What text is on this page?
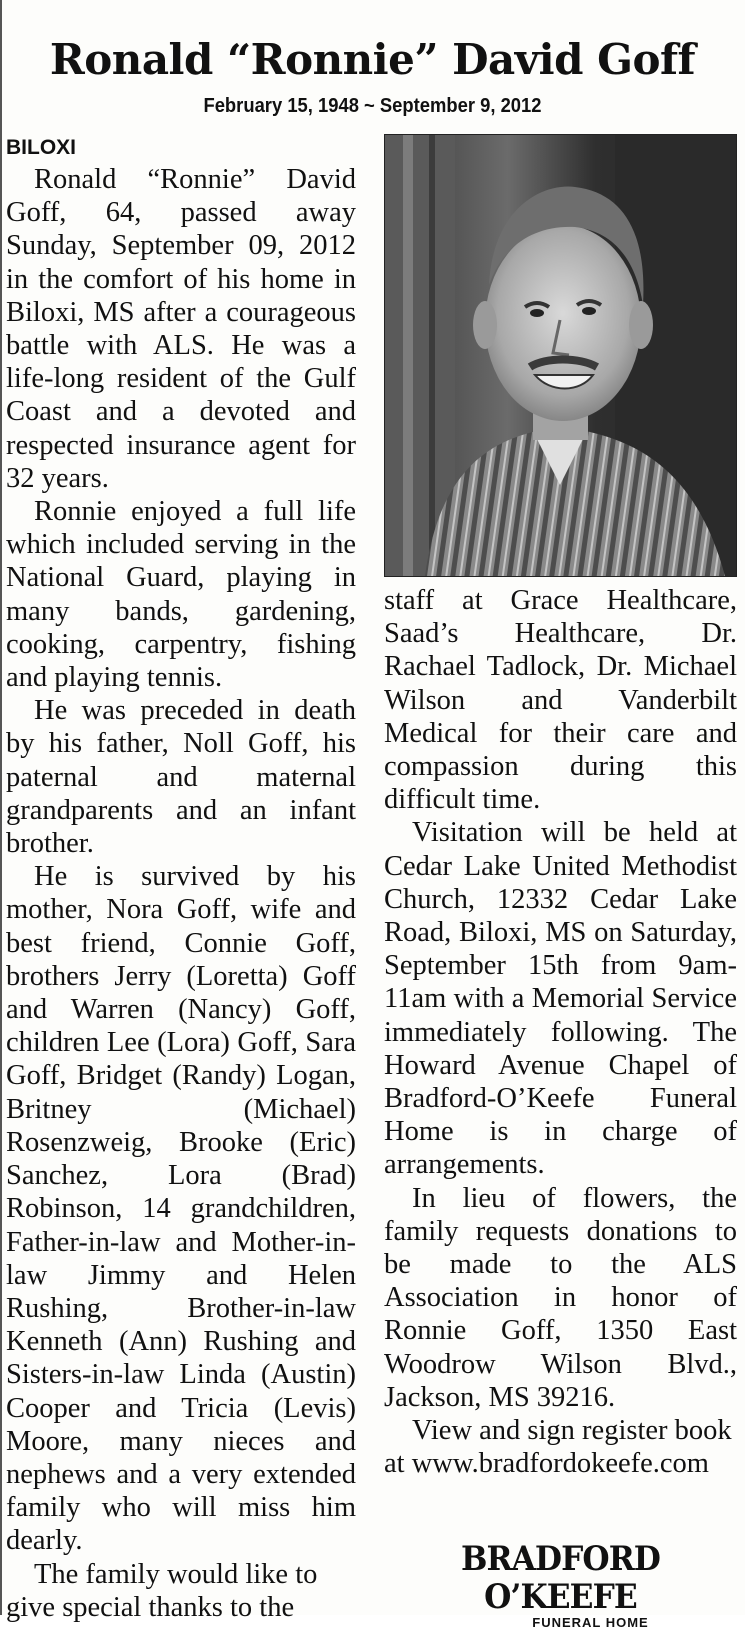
Ronald “Ronnie” David Goff
February 15, 1948 ~ September 9, 2012
BILOXI

Ronald “Ronnie” David Goff, 64, passed away Sunday, September 09, 2012 in the comfort of his home in Biloxi, MS after a courageous battle with ALS. He was a life-long resident of the Gulf Coast and a devoted and respected insurance agent for 32 years.

Ronnie enjoyed a full life which included serving in the National Guard, playing in many bands, gardening, cooking, carpentry, fishing and playing tennis.

He was preceded in death by his father, Noll Goff, his paternal and maternal grandparents and an infant brother.

He is survived by his mother, Nora Goff, wife and best friend, Connie Goff, brothers Jerry (Loretta) Goff and Warren (Nancy) Goff, children Lee (Lora) Goff, Sara Goff, Bridget (Randy) Logan, Britney (Michael) Rosenzweig, Brooke (Eric) Sanchez, Lora (Brad) Robinson, 14 grandchildren, Father-in-law and Mother-in-law Jimmy and Helen Rushing, Brother-in-law Kenneth (Ann) Rushing and Sisters-in-law Linda (Austin) Cooper and Tricia (Levis) Moore, many nieces and nephews and a very extended family who will miss him dearly.

The family would like to give special thanks to the

staff at Grace Healthcare, Saad’s Healthcare, Dr. Rachael Tadlock, Dr. Michael Wilson and Vanderbilt Medical for their care and compassion during this difficult time.

Visitation will be held at Cedar Lake United Methodist Church, 12332 Cedar Lake Road, Biloxi, MS on Saturday, September 15th from 9am-11am with a Memorial Service immediately following. The Howard Avenue Chapel of Bradford-O’Keefe Funeral Home is in charge of arrangements.

In lieu of flowers, the family requests donations to be made to the ALS Association in honor of Ronnie Goff, 1350 East Woodrow Wilson Blvd., Jackson, MS 39216.

View and sign register book at www.bradfordokeefe.com

BRADFORD O’KEEFE
FUNERAL HOME
